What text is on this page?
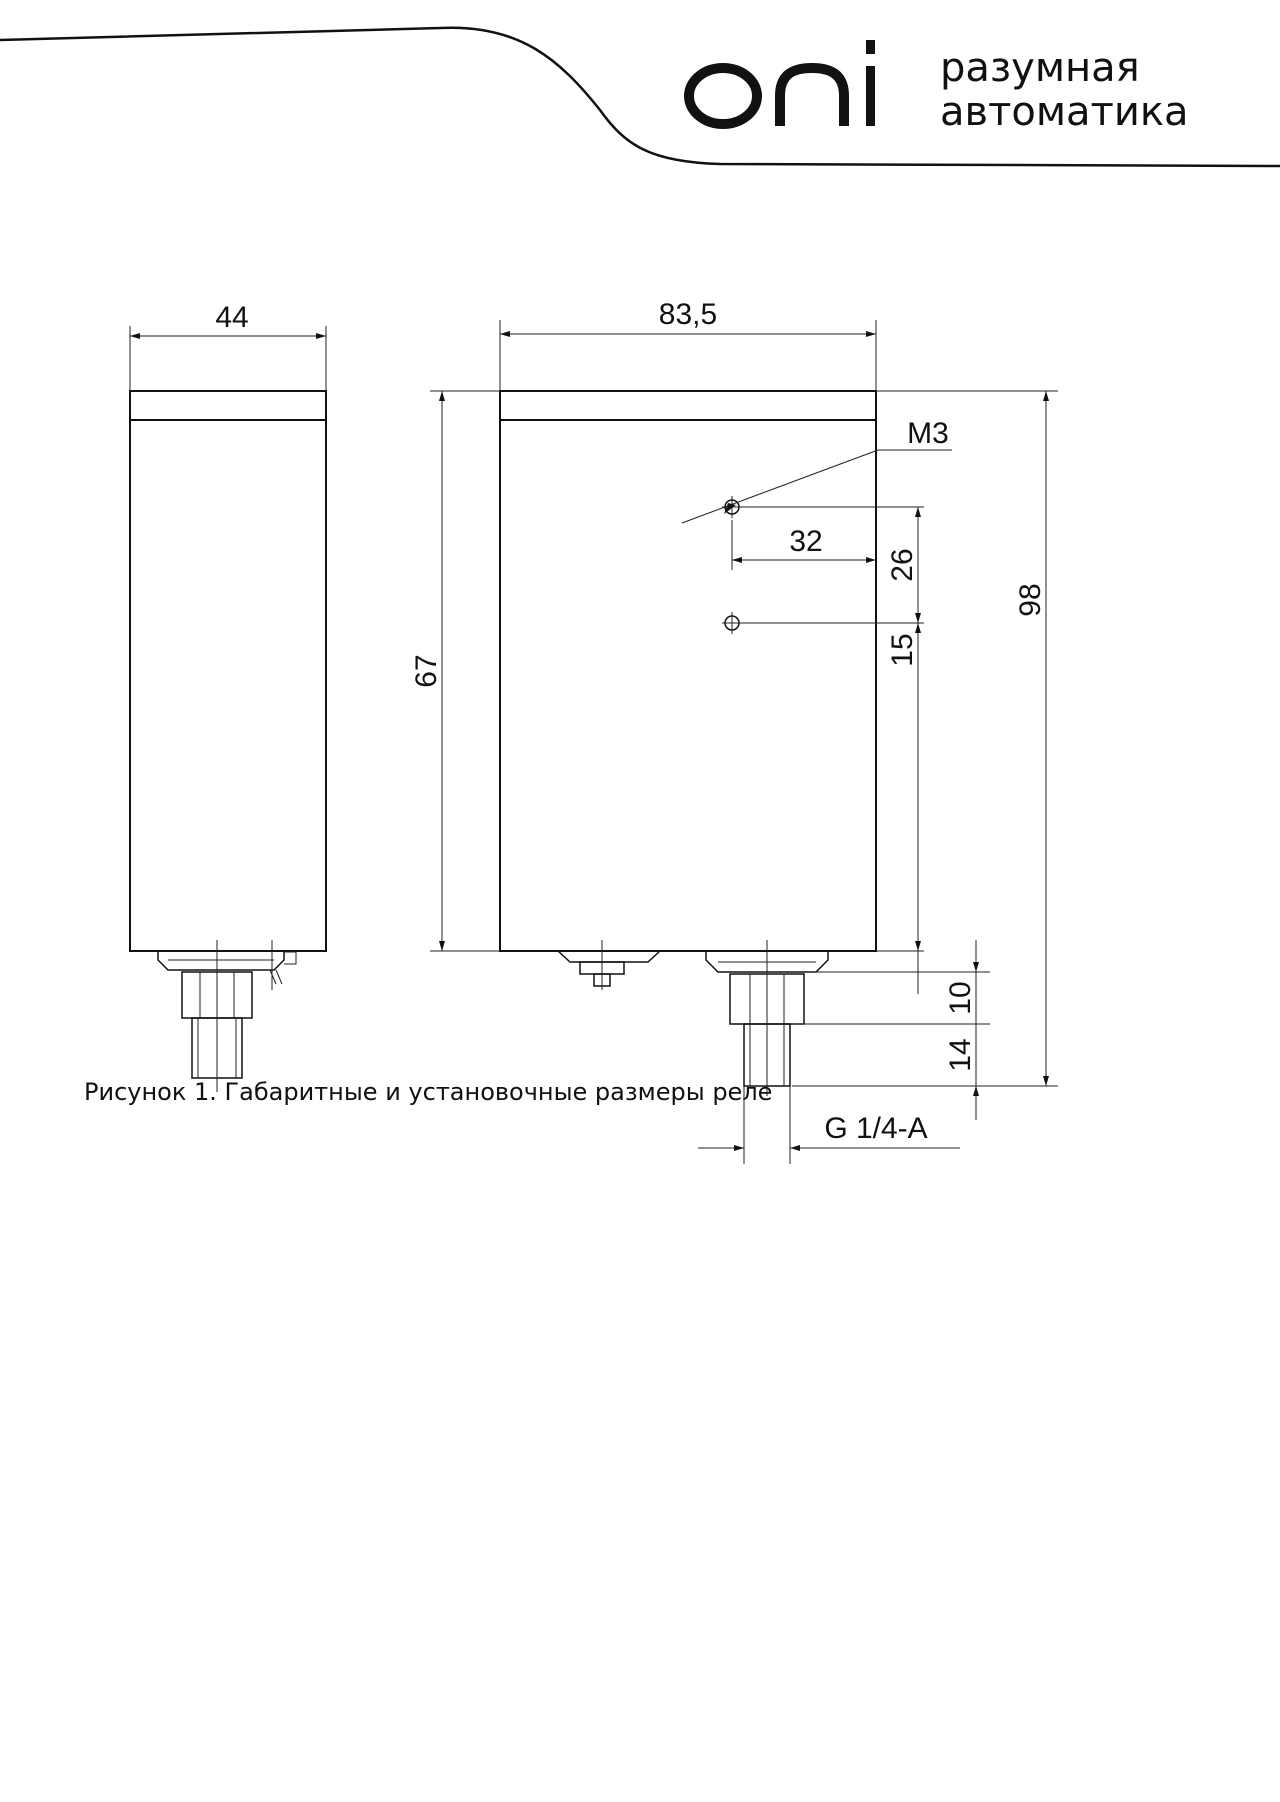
разумная
автоматика
44	83,5
67
98
M3
32
26
15
10
14
G 1/4-A
Рисунок 1. Габаритные и установочные размеры реле
